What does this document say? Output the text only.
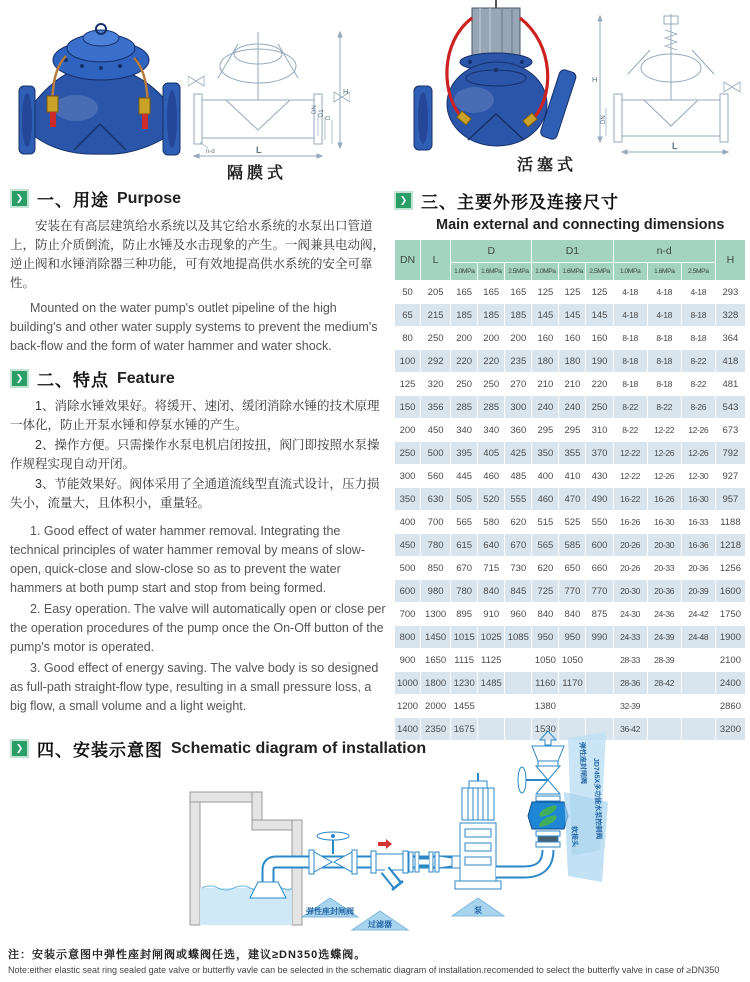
H
L
DN D1
D
n-d
隔膜式
H
L
DN
活塞式
❯ 一、用途 Purpose

安装在有高层建筑给水系统以及其它给水系统的水泵出口管道上，防止介质倒流，防止水锤及水击现象的产生。一阀兼具电动阀，逆止阀和水锤消除器三种功能，可有效地提高供水系统的安全可靠性。

Mounted on the water pump's outlet pipeline of the high building's and other water supply systems to prevent the medium's back-flow and the form of water hammer and water shock.

❯ 二、特点 Feature

1、消除水锤效果好。将缓开、速闭、缓闭消除水锤的技术原理一体化，防止开泵水锤和停泵水锤的产生。

2、操作方便。只需操作水泵电机启闭按扭，阀门即按照水泵操作规程实现自动开闭。

3、节能效果好。阀体采用了全通道流线型直流式设计，压力损失小，流量大，且体积小，重量轻。

1. Good effect of water hammer removal. Integrating the technical principles of water hammer removal by means of slow-open, quick-close and slow-close so as to prevent the water hammers at both pump start and stop from being formed.

2. Easy operation. The valve will automatically open or close per the operation procedures of the pump once the On-Off button of the pump's motor is operated.

3. Good effect of energy saving. The valve body is so designed as full-path straight-flow type, resulting in a small pressure loss, a big flow, a small volume and a light weight.

❯ 三、主要外形及连接尺寸
Main external and connecting dimensions
DN	L	D			D1			n-d			H
		1.0MPa	1.6MPa	2.5MPa	1.0MPa	1.6MPa	2.5MPa	1.0MPa	1.6MPa	2.5MPa	
50	205	165	165	165	125	125	125	4-18	4-18	4-18	293
65	215	185	185	185	145	145	145	4-18	4-18	8-18	328
80	250	200	200	200	160	160	160	8-18	8-18	8-18	364
100	292	220	220	235	180	180	190	8-18	8-18	8-22	418
125	320	250	250	270	210	210	220	8-18	8-18	8-22	481
150	356	285	285	300	240	240	250	8-22	8-22	8-26	543
200	450	340	340	360	295	295	310	8-22	12-22	12-26	673
250	500	395	405	425	350	355	370	12-22	12-26	12-26	792
300	560	445	460	485	400	410	430	12-22	12-26	12-30	927
350	630	505	520	555	460	470	490	16-22	16-26	16-30	957
400	700	565	580	620	515	525	550	16-26	16-30	16-33	1188
450	780	615	640	670	565	585	600	20-26	20-30	16-36	1218
500	850	670	715	730	620	650	660	20-26	20-33	20-36	1256
600	980	780	840	845	725	770	770	20-30	20-36	20-39	1600
700	1300	895	910	960	840	840	875	24-30	24-36	24-42	1750
800	1450	1015	1025	1085	950	950	990	24-33	24-39	24-48	1900
900	1650	1115	1125		1050	1050		28-33	28-39		2100
1000	1800	1230	1485		1160	1170		28-36	28-42		2400
1200	2000	1455			1380			32-39			2860
1400	2350	1675			1530			36-42			3200
❯ 四、安装示意图 Schematic diagram of installation	弹性座封闸阀 JD745X多功能水泵控制阀
软接头
弹性座封闸阀
过滤器
泵

注：安装示意图中弹性座封闸阀或蝶阀任选，建议≥DN350选蝶阀。

Note:either elastic seat ring sealed gate valve or butterfly vavle can be selected in the schematic diagram of installation.recomended to select the butterfly valve in case of ≥DN350
